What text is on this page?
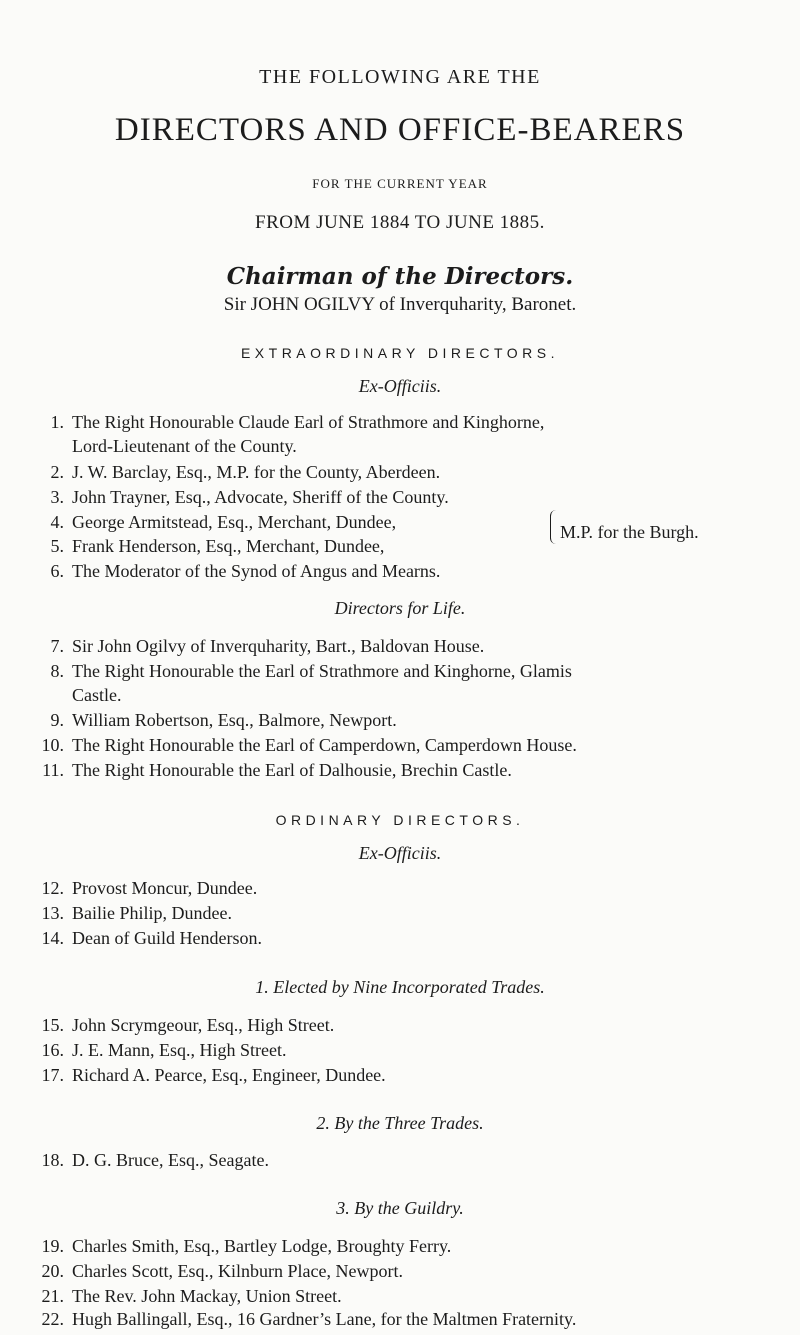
THE FOLLOWING ARE THE
DIRECTORS AND OFFICE-BEARERS
FOR THE CURRENT YEAR
FROM JUNE 1884 TO JUNE 1885.
Chairman of the Directors.
Sir JOHN OGILVY of Inverquharity, Baronet.
EXTRAORDINARY DIRECTORS.
Ex-Officiis.
1. The Right Honourable Claude Earl of Strathmore and Kinghorne,
Lord-Lieutenant of the County.
2. J. W. Barclay, Esq., M.P. for the County, Aberdeen.
3. John Trayner, Esq., Advocate, Sheriff of the County.
4. George Armitstead, Esq., Merchant, Dundee,
5. Frank Henderson, Esq., Merchant, Dundee,
6. The Moderator of the Synod of Angus and Mearns.
M.P. for the Burgh.
Directors for Life.
7. Sir John Ogilvy of Inverquharity, Bart., Baldovan House.
8. The Right Honourable the Earl of Strathmore and Kinghorne, Glamis
Castle.
9. William Robertson, Esq., Balmore, Newport.
10. The Right Honourable the Earl of Camperdown, Camperdown House.
11. The Right Honourable the Earl of Dalhousie, Brechin Castle.
ORDINARY DIRECTORS.
Ex-Officiis.
12. Provost Moncur, Dundee.
13. Bailie Philip, Dundee.
14. Dean of Guild Henderson.
1. Elected by Nine Incorporated Trades.
15. John Scrymgeour, Esq., High Street.
16. J. E. Mann, Esq., High Street.
17. Richard A. Pearce, Esq., Engineer, Dundee.
2. By the Three Trades.
18. D. G. Bruce, Esq., Seagate.
3. By the Guildry.
19. Charles Smith, Esq., Bartley Lodge, Broughty Ferry.
20. Charles Scott, Esq., Kilnburn Place, Newport.
21. The Rev. John Mackay, Union Street.
22. Hugh Ballingall, Esq., 16 Gardner’s Lane, for the Maltmen Fraternity.
